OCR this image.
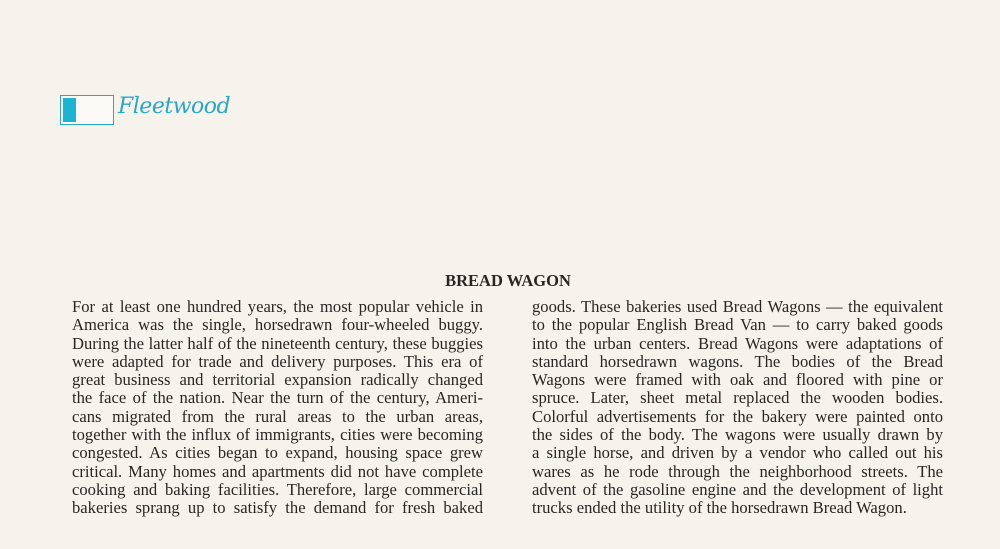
Fleetwood
BREAD WAGON
For at least one hundred years, the most popular vehicle in
America was the single, horsedrawn four-wheeled buggy.
During the latter half of the nineteenth century, these buggies
were adapted for trade and delivery purposes. This era of
great business and territorial expansion radically changed
the face of the nation. Near the turn of the century, Ameri-
cans migrated from the rural areas to the urban areas,
together with the influx of immigrants, cities were becoming
congested. As cities began to expand, housing space grew
critical. Many homes and apartments did not have complete
cooking and baking facilities. Therefore, large commercial
bakeries sprang up to satisfy the demand for fresh baked
goods. These bakeries used Bread Wagons — the equivalent
to the popular English Bread Van — to carry baked goods
into the urban centers. Bread Wagons were adaptations of
standard horsedrawn wagons. The bodies of the Bread
Wagons were framed with oak and floored with pine or
spruce. Later, sheet metal replaced the wooden bodies.
Colorful advertisements for the bakery were painted onto
the sides of the body. The wagons were usually drawn by
a single horse, and driven by a vendor who called out his
wares as he rode through the neighborhood streets. The
advent of the gasoline engine and the development of light
trucks ended the utility of the horsedrawn Bread Wagon.
